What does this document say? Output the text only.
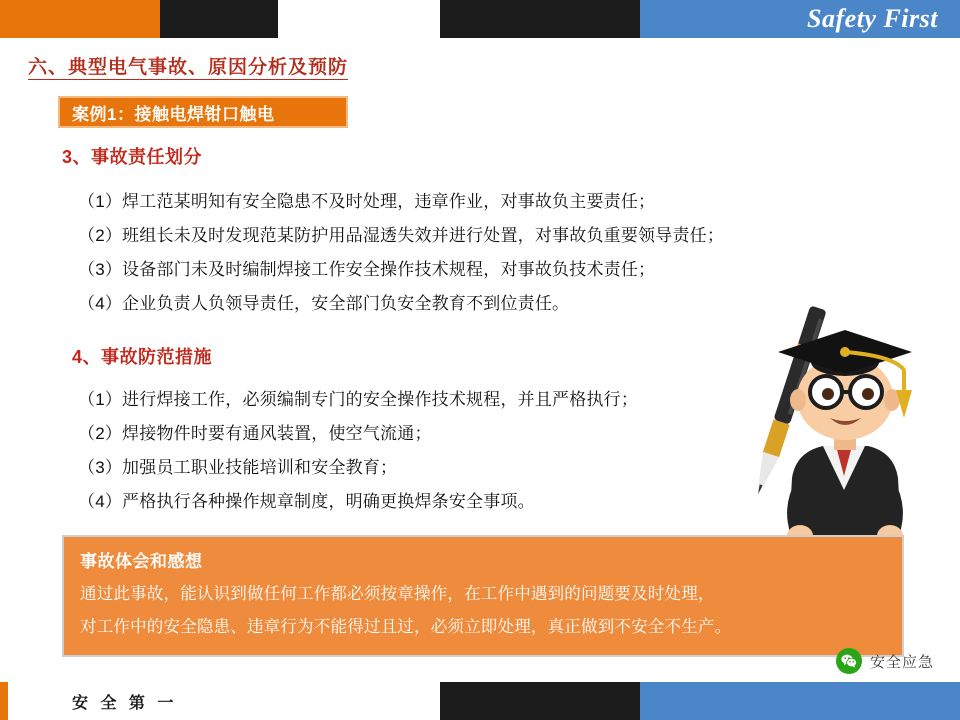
Safety First
六、典型电气事故、原因分析及预防
案例1：接触电焊钳口触电
3、事故责任划分
（1）焊工范某明知有安全隐患不及时处理，违章作业，对事故负主要责任；
（2）班组长未及时发现范某防护用品湿透失效并进行处置，对事故负重要领导责任；
（3）设备部门未及时编制焊接工作安全操作技术规程，对事故负技术责任；
（4）企业负责人负领导责任，安全部门负安全教育不到位责任。
4、事故防范措施
（1）进行焊接工作，必须编制专门的安全操作技术规程，并且严格执行；
（2）焊接物件时要有通风装置，使空气流通；
（3）加强员工职业技能培训和安全教育；
（4）严格执行各种操作规章制度，明确更换焊条安全事项。
事故体会和感想
通过此事故，能认识到做任何工作都必须按章操作，在工作中遇到的问题要及时处理，
对工作中的安全隐患、违章行为不能得过且过，必须立即处理，真正做到不安全不生产。
安全应急
安 全 第 一
